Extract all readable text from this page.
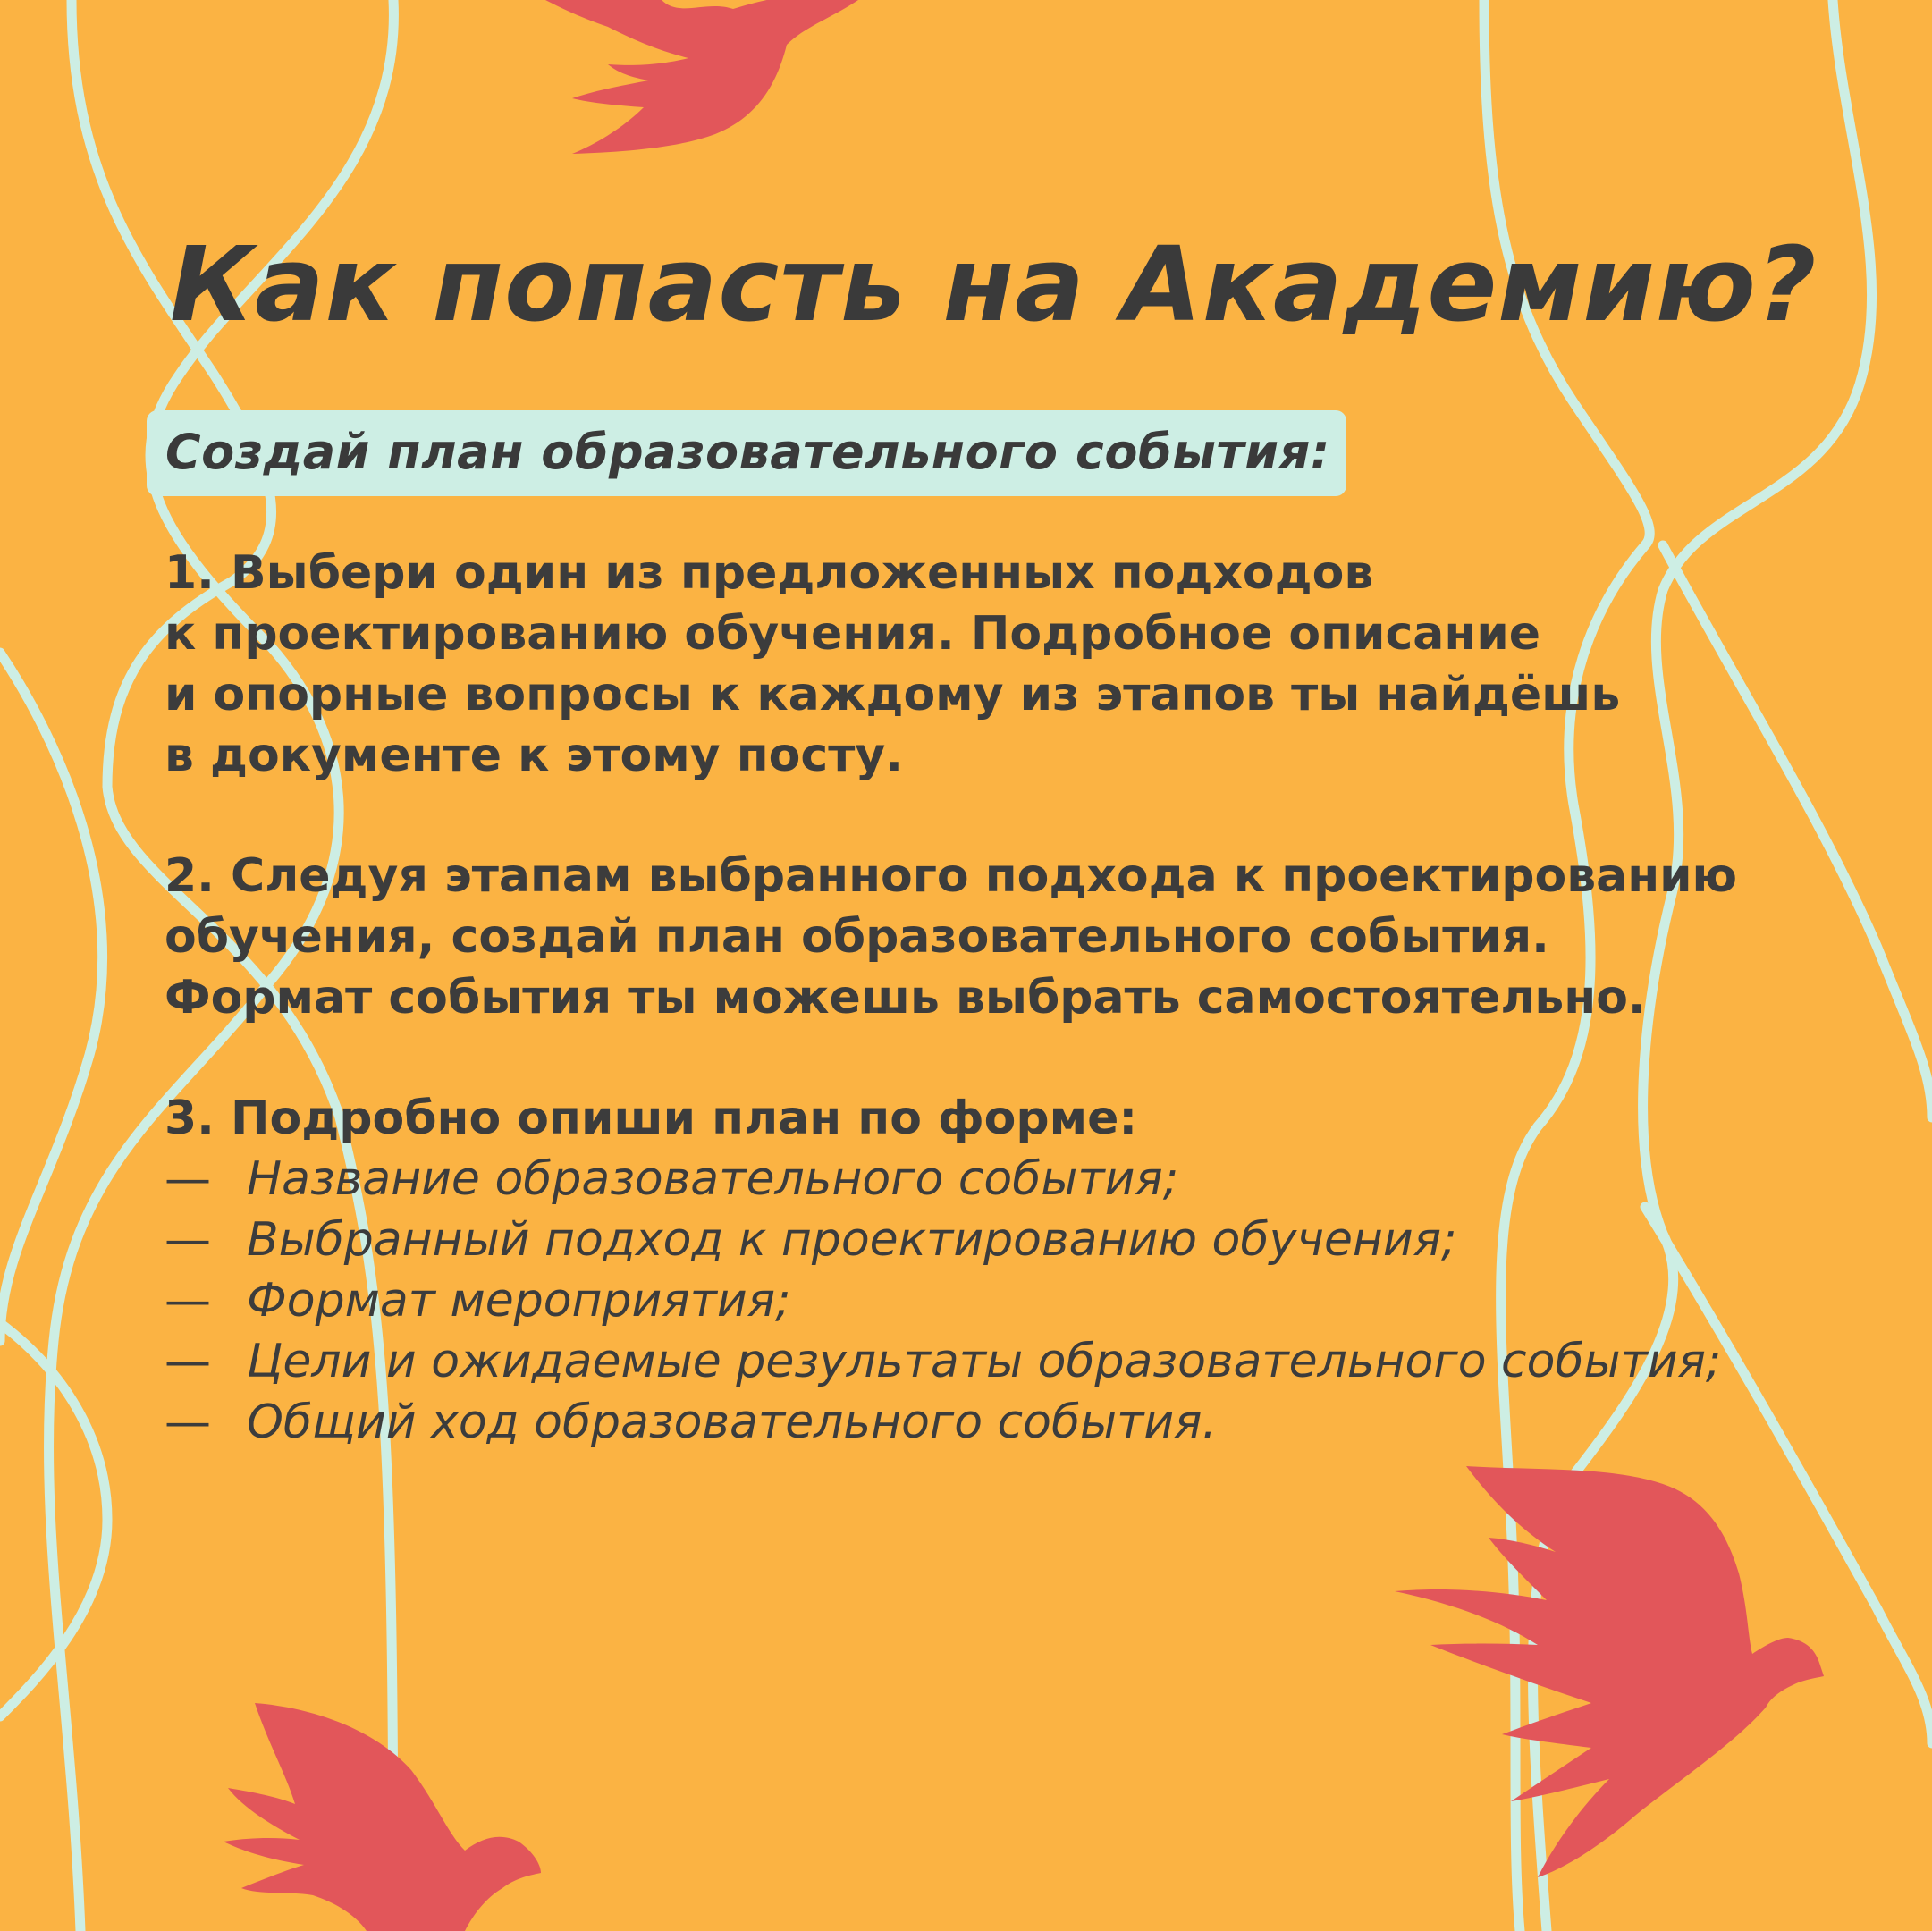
Как попасть на Академию?
Создай план образовательного события:
1. Выбери один из предложенных подходов
к проектированию обучения. Подробное описание
и опорные вопросы к каждому из этапов ты найдёшь
в документе к этому посту.
2. Следуя этапам выбранного подхода к проектированию
обучения, создай план образовательного события.
Формат события ты можешь выбрать самостоятельно.
3. Подробно опиши план по форме:
— Название образовательного события;
— Выбранный подход к проектированию обучения;
— Формат мероприятия;
— Цели и ожидаемые результаты образовательного события;
— Общий ход образовательного события.
